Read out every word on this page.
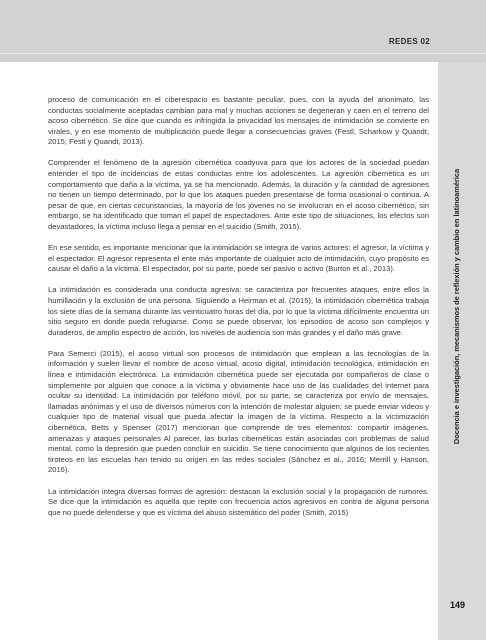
REDES 02
Docencia e investigación, mecanismos de reflexión y cambio en latinoamérica

proceso de comunicación en el ciberespacio es bastante peculiar, pues, con la ayuda del anonimato, las conductas socialmente aceptadas cambian para mal y muchas acciones se degeneran y caen en el terreno del acoso cibernético. Se dice que cuando es infringida la privacidad los mensajes de intimidación se convierte en virales, y en ese momento de multiplicación puede llegar a consecuencias graves (Festl, Scharkow y Quandt, 2015; Festl y Quandt, 2013).

Comprender el fenómeno de la agresión cibernética coadyuva para que los actores de la sociedad puedan entender el tipo de incidencias de estas conductas entre los adolescentes. La agresión cibernética es un comportamiento que daña a la víctima, ya se ha mencionado. Además, la duración y la cantidad de agresiones no tienen un tiempo determinado, por lo que los ataques pueden presentarse de forma ocasional o continua. A pesar de que, en ciertas circunstancias, la mayoría de los jóvenes no se involucran en el acoso cibernético, sin embargo, se ha identificado que toman el papel de espectadores. Ante este tipo de situaciones, los efectos son devastadores, la víctima incluso llega a pensar en el suicidio (Smith, 2015).

En ese sentido, es importante mencionar que la intimidación se integra de varios actores: el agresor, la víctima y el espectador. El agresor representa el ente más importante de cualquier acto de intimidación, cuyo propósito es causar el daño a la víctima. El espectador, por su parte, puede ser pasivo o activo (Burton et al., 2013).

La intimidación es considerada una conducta agresiva: se caracteriza por frecuentes ataques, entre ellos la humillación y la exclusión de una persona. Siguiendo a Heirman et al. (2015), la intimidación cibernética trabaja los siete días de la semana durante las veinticuatro horas del día, por lo que la víctima difícilmente encuentra un sitio seguro en donde pueda refugiarse. Como se puede observar, los episodios de acoso son complejos y duraderos, de amplio espectro de acción, los niveles de audiencia son más grandes y el daño más grave.

Para Semerci (2015), el acoso virtual son procesos de intimidación que emplean a las tecnologías de la información y suelen llevar el nombre de acoso virtual, acoso digital, intimidación tecnológica, intimidación en línea e intimidación electrónica. La intimidación cibernética puede ser ejecutada por compañeros de clase o simplemente por alguien que conoce a la víctima y obviamente hace uso de las cualidades del internet para ocultar su identidad. La intimidación por teléfono móvil, por su parte, se caracteriza por envío de mensajes, llamadas anónimas y el uso de diversos números con la intención de molestar alguien; se puede enviar videos y cualquier tipo de material visual que pueda afectar la imagen de la víctima. Respecto a la victimización cibernética, Betts y Spenser (2017) mencionan que comprende de tres elementos: compartir imágenes, amenazas y ataques personales Al parecer, las burlas cibernéticas están asociadas con problemas de salud mental, como la depresión que pueden concluir en suicidio. Se tiene conocimiento que algunos de los recientes tiroteos en las escuelas han tenido su origen en las redes sociales (Sánchez et al., 2016; Merrill y Hanson, 2016).

La intimidación integra diversas formas de agresión: destacan la exclusión social y la propagación de rumores. Se dice que la intimidación es aquella que repite con frecuencia actos agresivos en contra de alguna persona que no puede defenderse y que es víctima del abuso sistemático del poder (Smith, 2015)

149
